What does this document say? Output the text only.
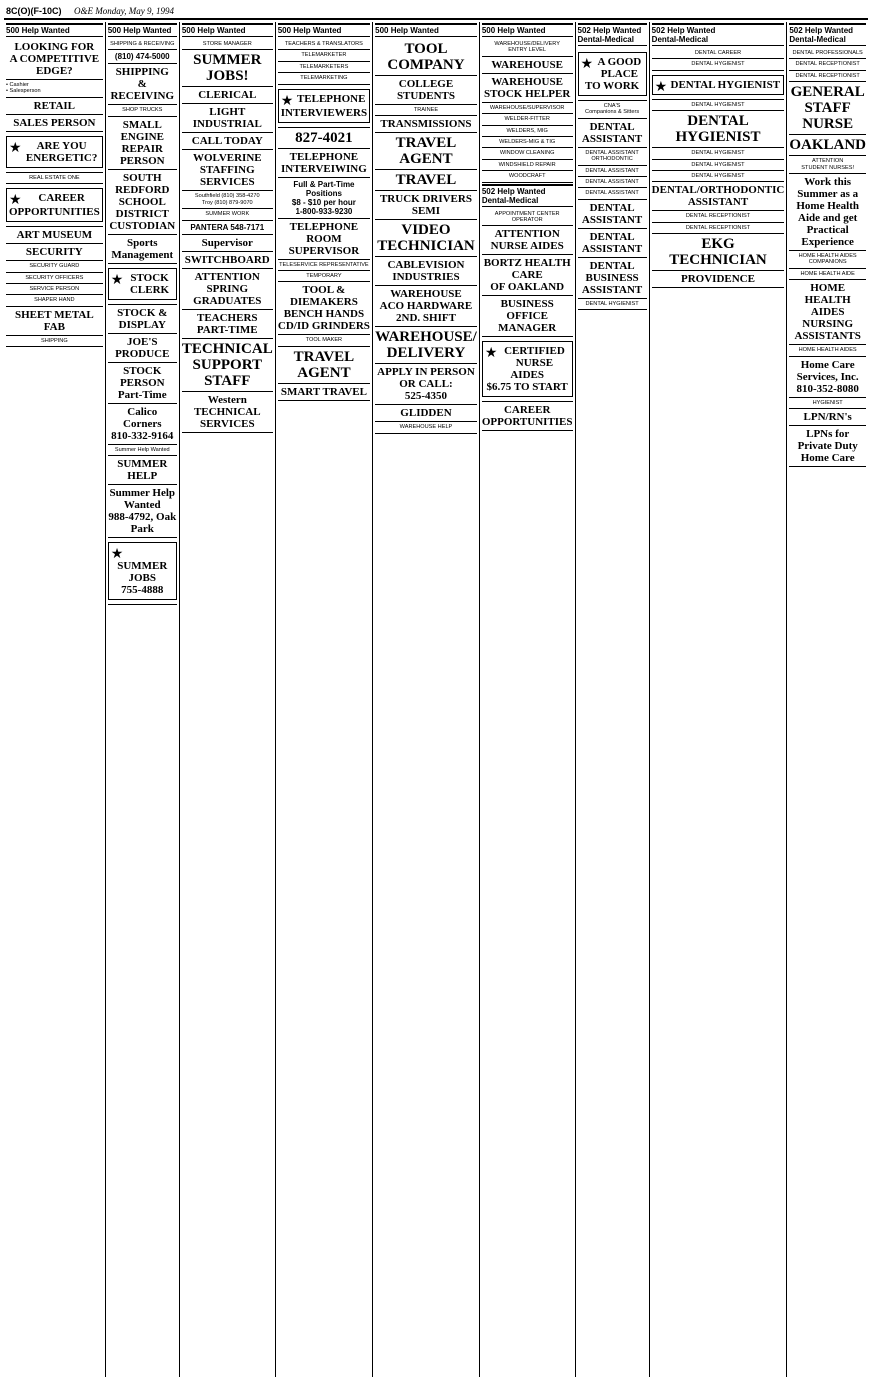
8C(O)(F-10C) O&E Monday, May 9, 1994
500 Help Wanted
LOOKING FOR
A COMPETITIVE EDGE?
• Cashier
• Salesperson
RETAIL
SALES PERSON
★	ARE YOU
ENERGETIC?
REAL ESTATE ONE
★	CAREER
OPPORTUNITIES
ART MUSEUM
SECURITY
SECURITY GUARD
SECURITY OFFICERS
SERVICE PERSON
SHAPER HAND
SHEET METAL FAB
SHIPPING
500 Help Wanted
SHIPPING & RECEIVING
(810) 474-5000
SHIPPING
& RECEIVING
SHOP TRUCKS
SMALL ENGINE
REPAIR PERSON
SOUTH REDFORD
SCHOOL DISTRICT
CUSTODIAN
Sports Management
★ STOCK CLERK
STOCK & DISPLAY
JOE'S PRODUCE
STOCK PERSON
Part-Time
Calico Corners
810-332-9164
Summer Help Wanted
SUMMER HELP
Summer Help Wanted
988-4792, Oak Park
★
SUMMER JOBS
755-4888
500 Help Wanted
STORE MANAGER
SUMMER
JOBS!
CLERICAL
LIGHT INDUSTRIAL
CALL TODAY
WOLVERINE
STAFFING
SERVICES
Southfield (810) 358-4270
Troy (810) 879-9070
SUMMER WORK
PANTERA 548-7171
Supervisor
SWITCHBOARD
ATTENTION
SPRING GRADUATES
TEACHERS
PART-TIME
TECHNICAL
SUPPORT
STAFF
Western
TECHNICAL SERVICES
500 Help Wanted
TEACHERS & TRANSLATORS
TELEMARKETER
TELEMARKETERS
TELEMARKETING
★ TELEPHONE
INTERVIEWERS
827-4021
TELEPHONE
INTERVEIWING
Full & Part-Time Positions
$8 - $10 per hour
1-800-933-9230
TELEPHONE ROOM
SUPERVISOR
TELESERVICE REPRESENTATIVE
TEMPORARY
TOOL & DIEMAKERS
BENCH HANDS
CD/ID GRINDERS
TOOL MAKER
TRAVEL AGENT
SMART TRAVEL
500 Help Wanted
TOOL COMPANY
COLLEGE STUDENTS
TRAINEE
TRANSMISSIONS
TRAVEL AGENT
TRAVEL
TRUCK DRIVERS
SEMI
VIDEO
TECHNICIAN
CABLEVISION
INDUSTRIES
WAREHOUSE
ACO HARDWARE
2ND. SHIFT
WAREHOUSE/
DELIVERY
APPLY IN PERSON
OR CALL:
525-4350
GLIDDEN
WAREHOUSE HELP
500 Help Wanted
WAREHOUSE/DELIVERY
ENTRY LEVEL
WAREHOUSE
WAREHOUSE
STOCK HELPER
WAREHOUSE/SUPERVISOR
WELDER-FITTER
WELDERS, MIG
WELDERS-MIG & TIG
WINDOW CLEANING
WINDSHIELD REPAIR
WOODCRAFT
502 Help Wanted
Dental-Medical
APPOINTMENT CENTER
OPERATOR
ATTENTION
NURSE AIDES
BORTZ HEALTH CARE
OF OAKLAND
BUSINESS OFFICE
MANAGER
★ CERTIFIED NURSE AIDES
$6.75 TO START
CAREER OPPORTUNITIES
502 Help Wanted
Dental-Medical
★ A GOOD PLACE TO WORK
CNA'S
Companions & Sitters
DENTAL ASSISTANT
DENTAL ASSISTANT
ORTHODONTIC
DENTAL ASSISTANT
DENTAL ASSISTANT
DENTAL ASSISTANT
DENTAL ASSISTANT
DENTAL ASSISTANT
DENTAL BUSINESS
ASSISTANT
DENTAL HYGIENIST
502 Help Wanted
Dental-Medical
DENTAL CAREER
DENTAL HYGIENIST
★ DENTAL HYGIENIST
DENTAL HYGIENIST
DENTAL
HYGIENIST
DENTAL HYGIENIST
DENTAL HYGIENIST
DENTAL HYGIENIST
DENTAL/ORTHODONTIC
ASSISTANT
DENTAL RECEPTIONIST
DENTAL RECEPTIONIST
EKG
TECHNICIAN
PROVIDENCE
502 Help Wanted
Dental-Medical
DENTAL PROFESSIONALS
DENTAL RECEPTIONIST
DENTAL RECEPTIONIST
GENERAL
STAFF NURSE
OAKLAND
ATTENTION
STUDENT NURSES!
Work this Summer as a
Home Health Aide and get
Practical Experience
HOME HEALTH AIDES
COMPANIONS
HOME HEALTH AIDE
HOME HEALTH AIDES
NURSING ASSISTANTS
HOME HEALTH AIDES
Home Care Services, Inc.
810-352-8080
HYGIENIST
LPN/RN's
LPNs for
Private Duty Home Care
